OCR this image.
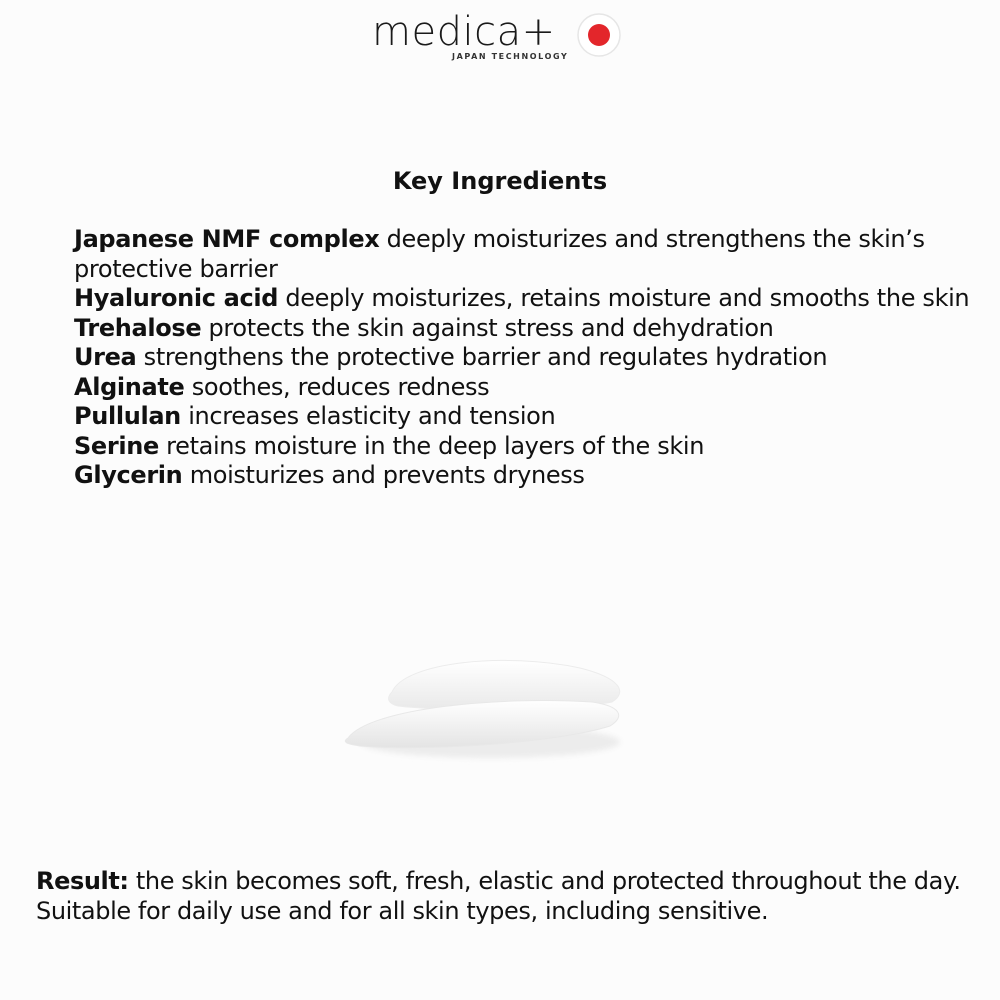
medica+
JAPAN TECHNOLOGY
Key Ingredients
Japanese NMF complex deeply moisturizes and strengthens the skin’s protective barrier
Hyaluronic acid deeply moisturizes, retains moisture and smooths the skin
Trehalose protects the skin against stress and dehydration
Urea strengthens the protective barrier and regulates hydration
Alginate soothes, reduces redness
Pullulan increases elasticity and tension
Serine retains moisture in the deep layers of the skin
Glycerin moisturizes and prevents dryness
Result: the skin becomes soft, fresh, elastic and protected throughout the day.
Suitable for daily use and for all skin types, including sensitive.
